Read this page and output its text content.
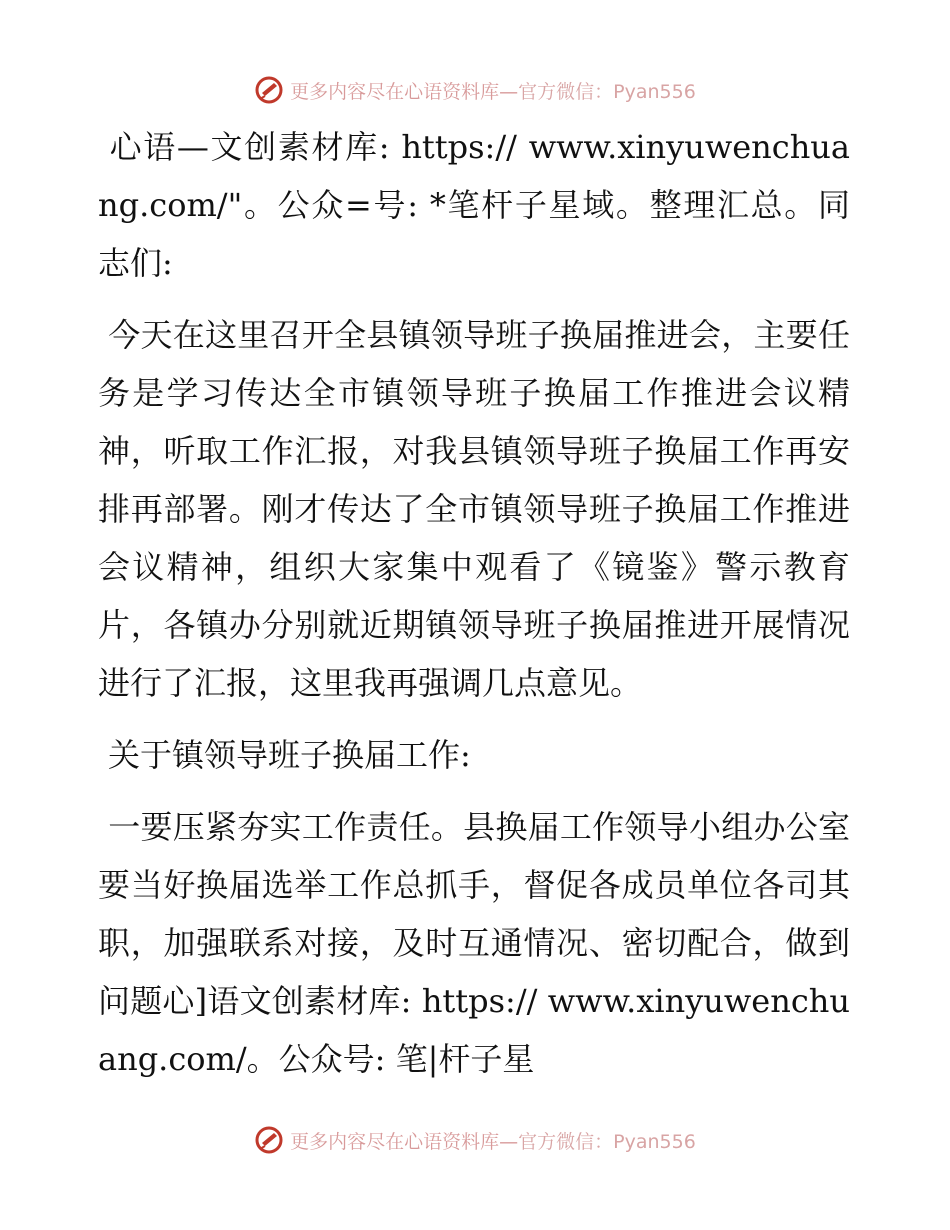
更多内容尽在心语资料库—官方微信：Pyan556

心语—文创素材库: https:// www.xinyuwenchuang.com/"。公众=号: *笔杆子星域。整理汇总。同志们:

今天在这里召开全县镇领导班子换届推进会，主要任务是学习传达全市镇领导班子换届工作推进会议精神，听取工作汇报，对我县镇领导班子换届工作再安排再部署。刚才传达了全市镇领导班子换届工作推进会议精神，组织大家集中观看了《镜鉴》警示教育片，各镇办分别就近期镇领导班子换届推进开展情况进行了汇报，这里我再强调几点意见。

关于镇领导班子换届工作:

一要压紧夯实工作责任。县换届工作领导小组办公室要当好换届选举工作总抓手，督促各成员单位各司其职，加强联系对接，及时互通情况、密切配合，做到问题心]语文创素材库: https:// www.xinyuwenchuang.com/。公众号: 笔|杆子星

更多内容尽在心语资料库—官方微信：Pyan556
